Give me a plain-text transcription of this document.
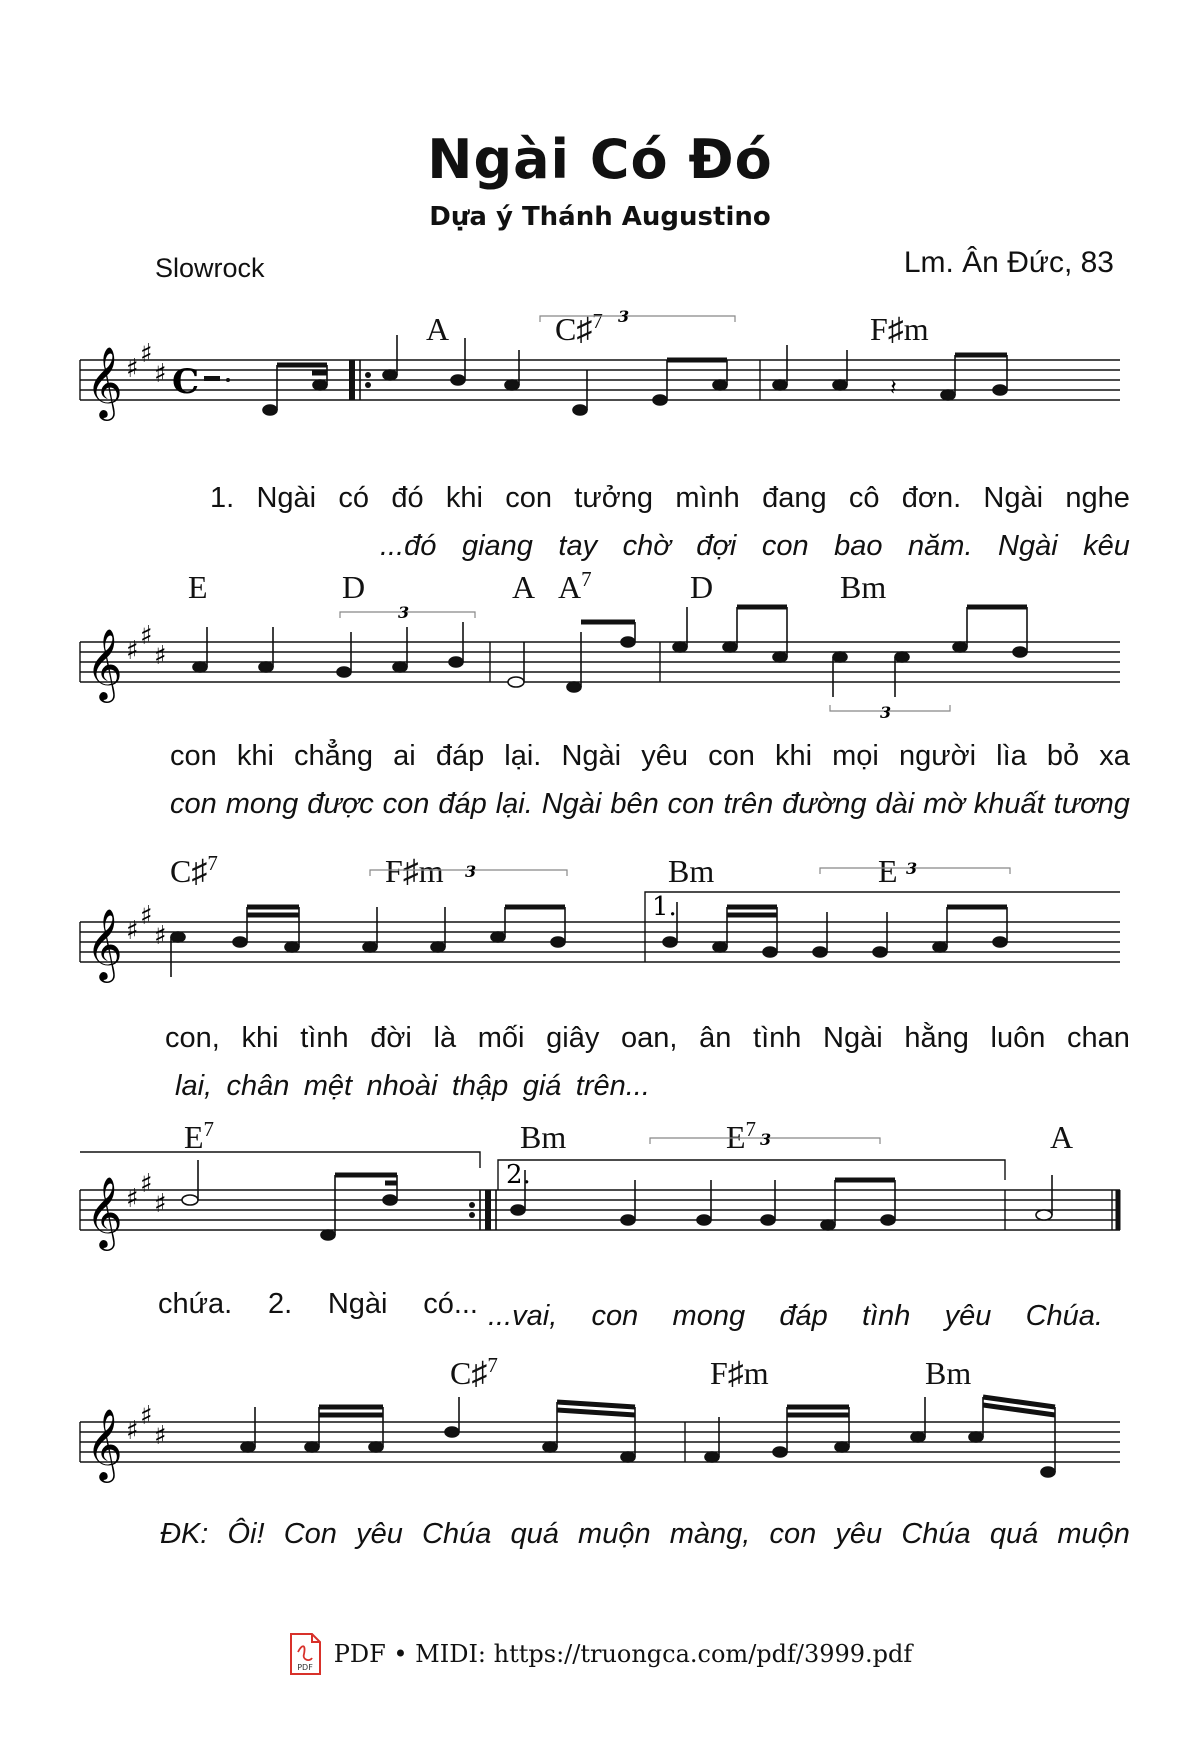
Ngài Có Đó
Dựa ý Thánh Augustino
Slowrock	Lm. Ân Đức, 83
A	C♯$^7$	F♯m
𝄞 ♯ ♯
♯ C
3
𝄽
1. Ngài có đó khi con tưởng mình đang cô đơn. Ngài nghe
...đó giang tay chờ đợi con bao năm. Ngài kêu
E	D	A $A^7$	D	Bm
𝄞 ♯ ♯
♯
3
3
con khi chẳng ai đáp lại. Ngài yêu con khi mọi người lìa bỏ xa
con mong được con đáp lại. Ngài bên con trên đường dài mờ khuất tương
C♯$^7$	F♯m	Bm	E
1.
𝄞 ♯ ♯
♯
3	3
con, khi tình đời là mối giây oan, ân tình Ngài hằng luôn chan
lai, chân mệt nhoài thập giá trên...
$E^7$	Bm	$E^7$	A
2.
𝄞 ♯ ♯
♯
3
chứa. 2. Ngài có... ...vai, con mong đáp tình yêu Chúa.
C♯$^7$	F♯m	Bm
𝄞 ♯ ♯
♯
ĐK: Ôi! Con yêu Chúa quá muộn màng, con yêu Chúa quá muộn
PDF PDF • MIDI: https://truongca.com/pdf/3999.pdf
